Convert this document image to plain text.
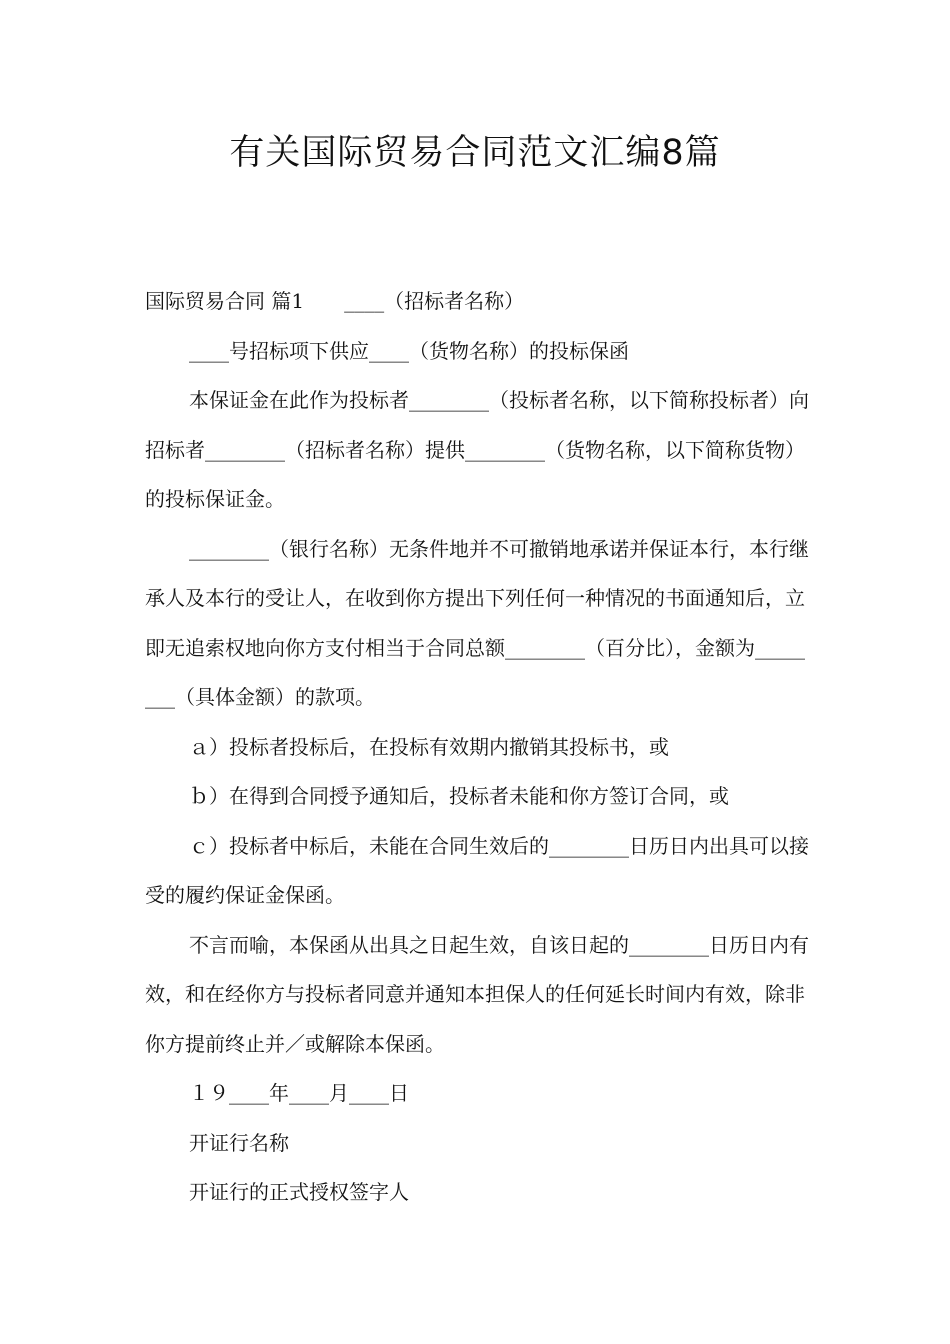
有关国际贸易合同范文汇编8篇

国际贸易合同 篇1　　____（招标者名称）

____号招标项下供应____（货物名称）的投标保函

本保证金在此作为投标者________（投标者名称，以下简称投标者）向招标者________（招标者名称）提供________（货物名称，以下简称货物）的投标保证金。

________（银行名称）无条件地并不可撤销地承诺并保证本行，本行继承人及本行的受让人，在收到你方提出下列任何一种情况的书面通知后，立即无追索权地向你方支付相当于合同总额________（百分比），金额为________（具体金额）的款项。

ａ）投标者投标后，在投标有效期内撤销其投标书，或

ｂ）在得到合同授予通知后，投标者未能和你方签订合同，或

ｃ）投标者中标后，未能在合同生效后的________日历日内出具可以接受的履约保证金保函。

不言而喻，本保函从出具之日起生效，自该日起的________日历日内有效，和在经你方与投标者同意并通知本担保人的任何延长时间内有效，除非你方提前终止并／或解除本保函。

１９____年____月____日

开证行名称

开证行的正式授权签字人
